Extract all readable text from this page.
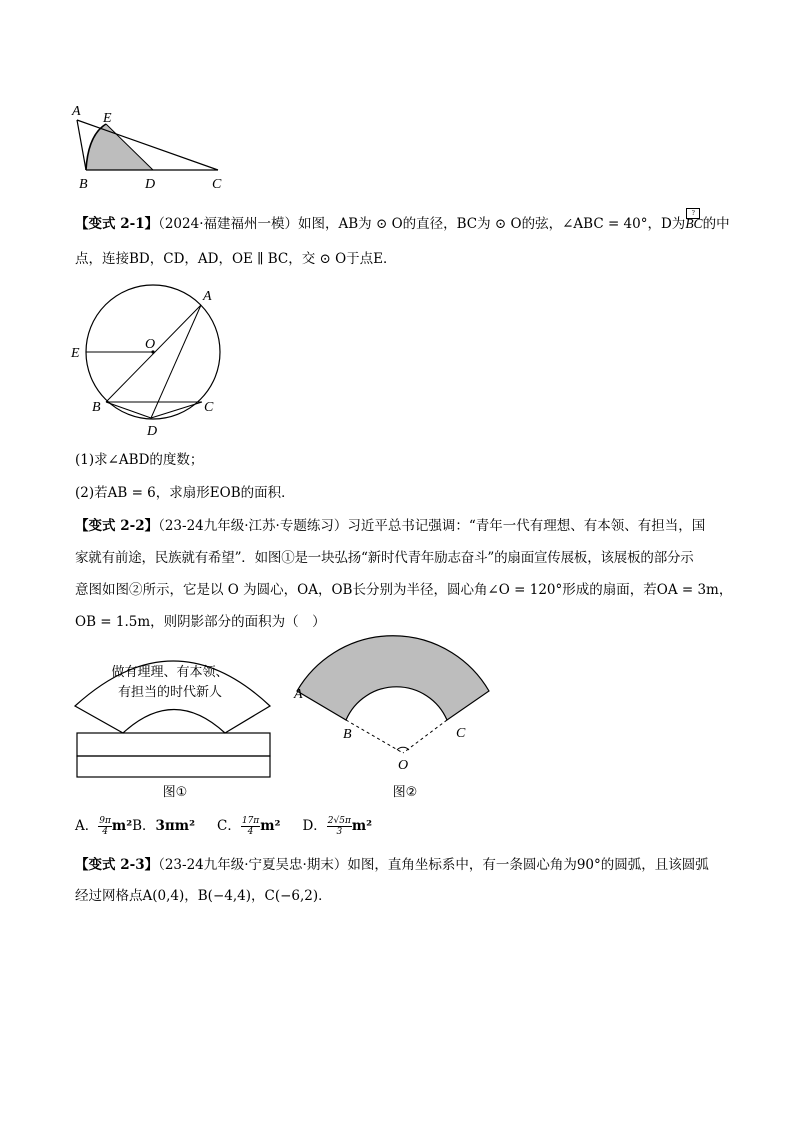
A E
B	D	C
【变式 2-1】（2024·福建福州一模）如图，AB为 ⊙ O的直径，BC为 ⊙ O的弦，∠ABC = 40°，D为
?
BC的中
点，连接BD，CD，AD，OE ∥ BC，交 ⊙ O于点E．
A
O
E
B	C
D
(1)求∠ABD的度数；
(2)若AB = 6，求扇形EOB的面积．
【变式 2-2】（23-24九年级·江苏·专题练习）习近平总书记强调：“青年一代有理想、有本领、有担当，国
家就有前途，民族就有希望”．如图①是一块弘扬“新时代青年励志奋斗”的扇面宣传展板，该展板的部分示
意图如图②所示，它是以 O 为圆心，OA，OB长分别为半径，圆心角∠O = 120°形成的扇面，若OA = 3m，
OB = 1.5m，则阴影部分的面积为（　）
做有理理、有本领、
有担当的时代新人
图①
A
B	C
O
图②
A． $\frac{9\pi}{4} m^2B$．3πm² C． $\frac{17\pi}{4} m^2$ D． $\frac{2√5\pi}{3} m^2$
【变式 2-3】（23-24九年级·宁夏吴忠·期末）如图，直角坐标系中，有一条圆心角为90°的圆弧，且该圆弧
经过网格点A(0,4)，B(−4,4)，C(−6,2)．
